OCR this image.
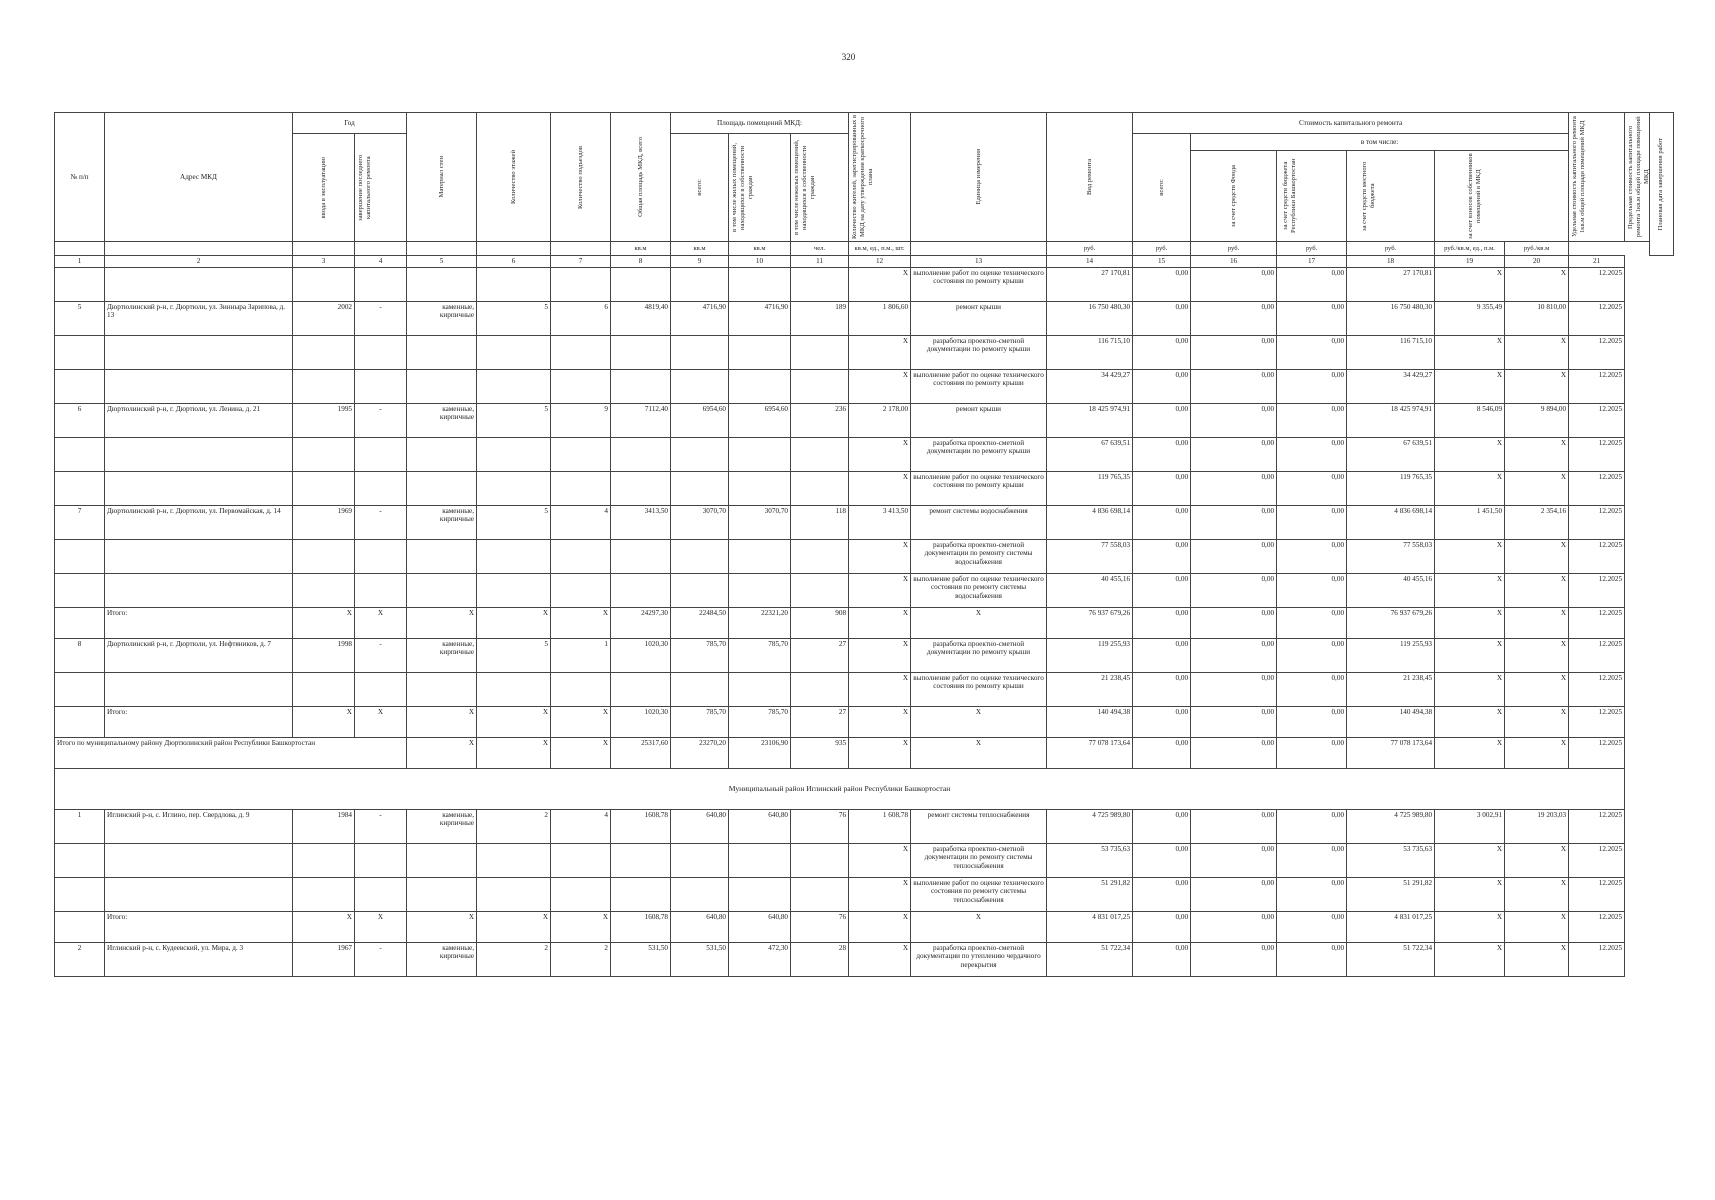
320
№ п/п	Адрес МКД	Год		Материал стен	Количество этажей	Количество подъездов	Общая площадь МКД, всего	Площадь помещений МКД:			Количество жителей, зарегистрированных в МКД на дату утверждения краткосрочного плана	Единица измерения	Вид ремонта	Стоимость капитального ремонта						Удельная стоимость капитального ремонта 1кв.м общей площади помещений МКД	Предельная стоимость капитального ремонта 1кв.м общей площади помещений МКД	Плановая дата завершения работ

		ввода в эксплуатацию	завершение последнего капитального ремонта					всего:	в том числе жилых помещений, находящихся в собственности граждан	в том числе нежилых помещений, находящихся в собственности граждан				всего:	в том числе:							

															за счет средств Фонда	за счет средств бюджета Республики Башкортостан	за счет средств местного бюджета	за счет взносов собственников помещений в МКД				

							кв.м	кв.м	кв.м	чел.	кв.м, ед., п.м., шт.		руб.	руб.	руб.	руб.	руб.	руб./кв.м, ед., п.м.	руб./кв.м			
1	2	3	4	5	6	7	8	9	10	11	12	13	14	15	16	17	18	19	20	21		
											X	выполнение работ по оценке технического состояния по ремонту крыши	27 170,81	0,00	0,00	0,00	27 170,81	X	X	12.2025		
5	Дюртюлинский р-н, г. Дюртюли, ул. Зинныра Зарипова, д. 13	2002	-	каменные, кирпичные	5	6	4819,40	4716,90	4716,90	189	1 806,60	ремонт крыши	16 750 480,30	0,00	0,00	0,00	16 750 480,30	9 355,49	10 810,00	12.2025		
											X	разработка проектно-сметной документации по ремонту крыши	116 715,10	0,00	0,00	0,00	116 715,10	X	X	12.2025		
											X	выполнение работ по оценке технического состояния по ремонту крыши	34 429,27	0,00	0,00	0,00	34 429,27	X	X	12.2025		
6	Дюртюлинский р-н, г. Дюртюли, ул. Ленина, д. 21	1995	-	каменные, кирпичные	5	9	7112,40	6954,60	6954,60	236	2 178,00	ремонт крыши	18 425 974,91	0,00	0,00	0,00	18 425 974,91	8 546,09	9 894,00	12.2025		
											X	разработка проектно-сметной документации по ремонту крыши	67 639,51	0,00	0,00	0,00	67 639,51	X	X	12.2025		
											X	выполнение работ по оценке технического состояния по ремонту крыши	119 765,35	0,00	0,00	0,00	119 765,35	X	X	12.2025		
7	Дюртюлинский р-н, г. Дюртюли, ул. Первомайская, д. 14	1969	-	каменные, кирпичные	5	4	3413,50	3070,70	3070,70	118	3 413,50	ремонт системы водоснабжения	4 836 698,14	0,00	0,00	0,00	4 836 698,14	1 451,50	2 354,16	12.2025		
											X	разработка проектно-сметной документации по ремонту системы водоснабжения	77 558,03	0,00	0,00	0,00	77 558,03	X	X	12.2025		
											X	выполнение работ по оценке технического состояния по ремонту системы водоснабжения	40 455,16	0,00	0,00	0,00	40 455,16	X	X	12.2025		
	Итого:	X	X	X	X	X	24297,30	22484,50	22321,20	908	X	X	76 937 679,26	0,00	0,00	0,00	76 937 679,26	X	X	12.2025		
8	Дюртюлинский р-н, г. Дюртюли, ул. Нефтяников, д. 7	1998	-	каменные, кирпичные	5	1	1020,30	785,70	785,70	27	X	разработка проектно-сметной документации по ремонту крыши	119 255,93	0,00	0,00	0,00	119 255,93	X	X	12.2025		
											X	выполнение работ по оценке технического состояния по ремонту крыши	21 238,45	0,00	0,00	0,00	21 238,45	X	X	12.2025		
	Итого:	X	X	X	X	X	1020,30	785,70	785,70	27	X	X	140 494,38	0,00	0,00	0,00	140 494,38	X	X	12.2025		
Итого по муниципальному району Дюртюлинский район Республики Башкортостан				X	X	X	25317,60	23270,20	23106,90	935	X	X	77 078 173,64	0,00	0,00	0,00	77 078 173,64	X	X	12.2025		
Муниципальный район Иглинский район Республики Башкортостан																						
1	Иглинский р-н, с. Иглино, пер. Свердлова, д. 9	1984	-	каменные, кирпичные	2	4	1608,78	640,80	640,80	76	1 608,78	ремонт системы теплоснабжения	4 725 989,80	0,00	0,00	0,00	4 725 989,80	3 002,91	19 203,03	12.2025		
											X	разработка проектно-сметной документации по ремонту системы теплоснабжения	53 735,63	0,00	0,00	0,00	53 735,63	X	X	12.2025		
											X	выполнение работ по оценке технического состояния по ремонту системы теплоснабжения	51 291,82	0,00	0,00	0,00	51 291,82	X	X	12.2025		
	Итого:	X	X	X	X	X	1608,78	640,80	640,80	76	X	X	4 831 017,25	0,00	0,00	0,00	4 831 017,25	X	X	12.2025		
2	Иглинский р-н, с. Кудеевский, ул. Мира, д. 3	1967	-	каменные, кирпичные	2	2	531,50	531,50	472,30	28	X	разработка проектно-сметной документации по утеплению чердачного перекрытия	51 722,34	0,00	0,00	0,00	51 722,34	X	X	12.2025		
